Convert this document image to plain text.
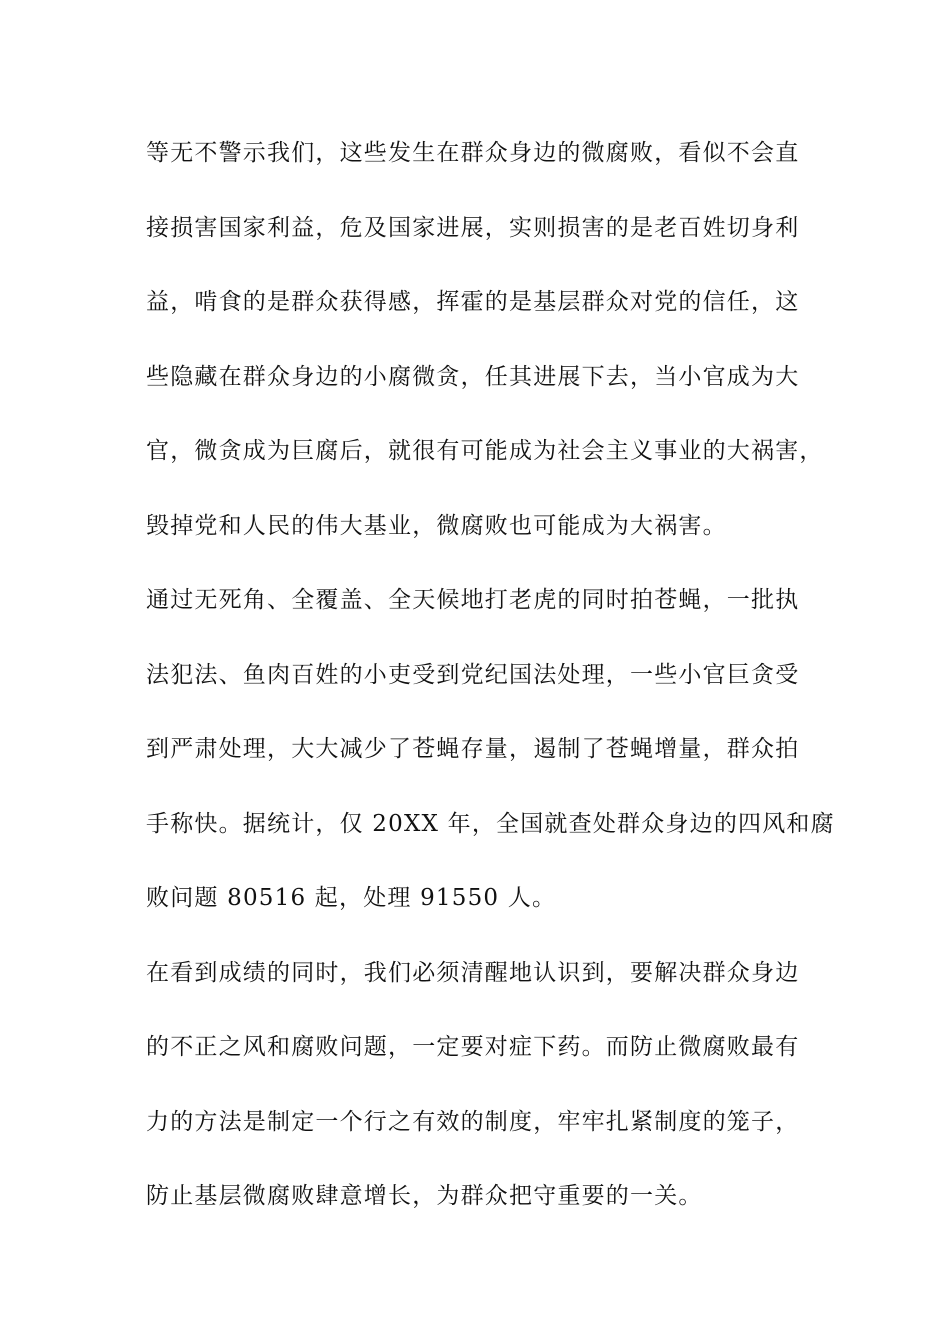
等无不警示我们，这些发生在群众身边的微腐败，看似不会直
接损害国家利益，危及国家进展，实则损害的是老百姓切身利
益，啃食的是群众获得感，挥霍的是基层群众对党的信任，这
些隐藏在群众身边的小腐微贪，任其进展下去，当小官成为大
官，微贪成为巨腐后，就很有可能成为社会主义事业的大祸害，
毁掉党和人民的伟大基业，微腐败也可能成为大祸害。
通过无死角、全覆盖、全天候地打老虎的同时拍苍蝇，一批执
法犯法、鱼肉百姓的小吏受到党纪国法处理，一些小官巨贪受
到严肃处理，大大减少了苍蝇存量，遏制了苍蝇增量，群众拍
手称快。据统计，仅 20XX 年，全国就查处群众身边的四风和腐
败问题 80516 起，处理 91550 人。
在看到成绩的同时，我们必须清醒地认识到，要解决群众身边
的不正之风和腐败问题，一定要对症下药。而防止微腐败最有
力的方法是制定一个行之有效的制度，牢牢扎紧制度的笼子，
防止基层微腐败肆意增长，为群众把守重要的一关。
